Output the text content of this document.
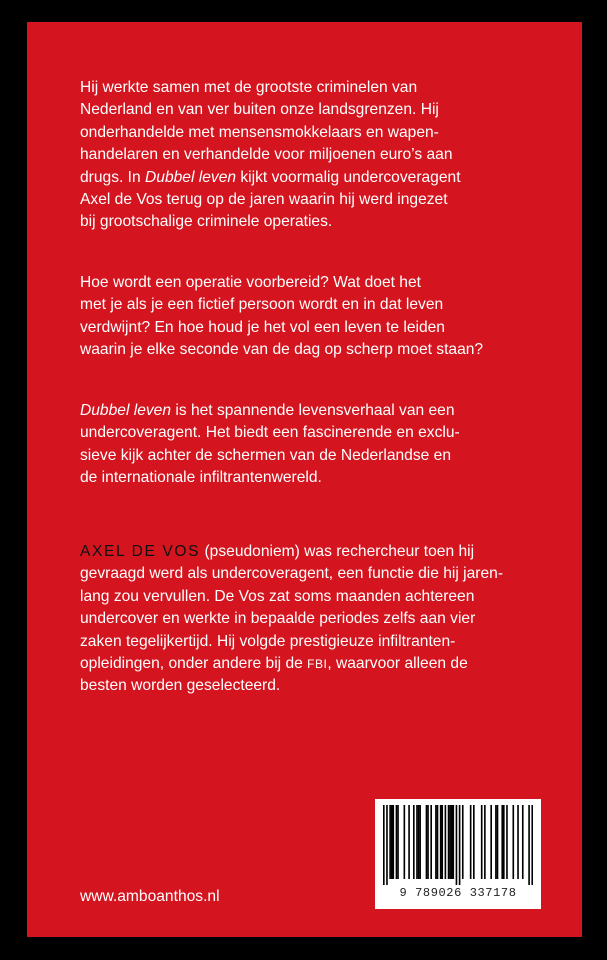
Hij werkte samen met de grootste criminelen van
Nederland en van ver buiten onze landsgrenzen. Hij
onderhandelde met mensensmokkelaars en wapen-
handelaren en verhandelde voor miljoenen euro’s aan
drugs. In Dubbel leven kijkt voormalig undercoveragent
Axel de Vos terug op de jaren waarin hij werd ingezet
bij grootschalige criminele operaties.
Hoe wordt een operatie voorbereid? Wat doet het
met je als je een fictief persoon wordt en in dat leven
verdwijnt? En hoe houd je het vol een leven te leiden
waarin je elke seconde van de dag op scherp moet staan?
Dubbel leven is het spannende levensverhaal van een
undercoveragent. Het biedt een fascinerende en exclu-
sieve kijk achter de schermen van de Nederlandse en
de internationale infiltrantenwereld.
AXEL DE VOS (pseudoniem) was rechercheur toen hij
gevraagd werd als undercoveragent, een functie die hij jaren-
lang zou vervullen. De Vos zat soms maanden achtereen
undercover en werkte in bepaalde periodes zelfs aan vier
zaken tegelijkertijd. Hij volgde prestigieuze infiltranten-
opleidingen, onder andere bij de FBI, waarvoor alleen de
besten worden geselecteerd.
9 789026 337178

www.amboanthos.nl
